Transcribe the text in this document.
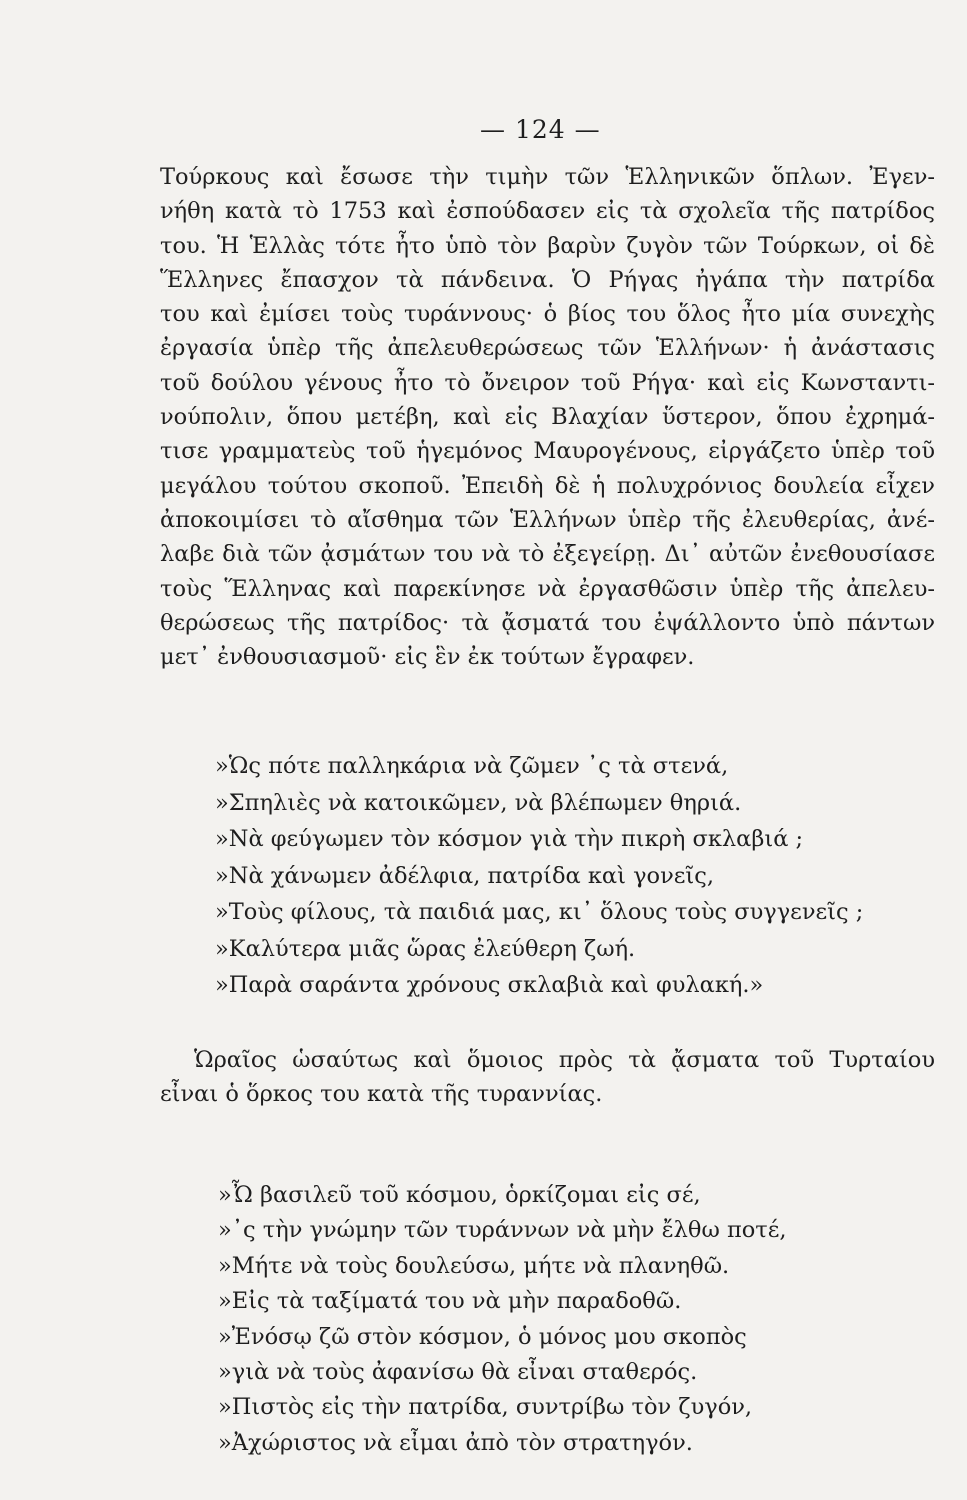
— 124 —
Τούρκους καὶ ἔσωσε τὴν τιμὴν τῶν Ἑλληνικῶν ὅπλων. Ἐγεν-
νήθη κατὰ τὸ 1753 καὶ ἐσπούδασεν εἰς τὰ σχολεῖα τῆς πατρίδος
του. Ἡ Ἑλλὰς τότε ἦτο ὑπὸ τὸν βαρὺν ζυγὸν τῶν Τούρκων, οἱ δὲ
Ἕλληνες ἔπασχον τὰ πάνδεινα. Ὁ Ρήγας ἠγάπα τὴν πατρίδα
του καὶ ἐμίσει τοὺς τυράννους· ὁ βίος του ὅλος ἦτο μία συνεχὴς
ἐργασία ὑπὲρ τῆς ἀπελευθερώσεως τῶν Ἑλλήνων· ἡ ἀνάστασις
τοῦ δούλου γένους ἦτο τὸ ὄνειρον τοῦ Ρήγα· καὶ εἰς Κωνσταντι-
νούπολιν, ὅπου μετέβη, καὶ εἰς Βλαχίαν ὕστερον, ὅπου ἐχρημά-
τισε γραμματεὺς τοῦ ἡγεμόνος Μαυρογένους, εἰργάζετο ὑπὲρ τοῦ
μεγάλου τούτου σκοποῦ. Ἐπειδὴ δὲ ἡ πολυχρόνιος δουλεία εἶχεν
ἀποκοιμίσει τὸ αἴσθημα τῶν Ἑλλήνων ὑπὲρ τῆς ἐλευθερίας, ἀνέ-
λαβε διὰ τῶν ᾀσμάτων του νὰ τὸ ἐξεγείρῃ. Δι᾽ αὐτῶν ἐνεθουσίασε
τοὺς Ἕλληνας καὶ παρεκίνησε νὰ ἐργασθῶσιν ὑπὲρ τῆς ἀπελευ-
θερώσεως τῆς πατρίδος· τὰ ᾄσματά του ἐψάλλοντο ὑπὸ πάντων
μετ᾽ ἐνθουσιασμοῦ· εἰς ἓν ἐκ τούτων ἔγραφεν.
»Ὡς πότε παλληκάρια νὰ ζῶμεν ᾽ς τὰ στενά,
»Σπηλιὲς νὰ κατοικῶμεν, νὰ βλέπωμεν θηριά.
»Νὰ φεύγωμεν τὸν κόσμον γιὰ τὴν πικρὴ σκλαβιά ;
»Νὰ χάνωμεν ἀδέλφια, πατρίδα καὶ γονεῖς,
»Τοὺς φίλους, τὰ παιδιά μας, κι᾽ ὅλους τοὺς συγγενεῖς ;
»Καλύτερα μιᾶς ὥρας ἐλεύθερη ζωή.
»Παρὰ σαράντα χρόνους σκλαβιὰ καὶ φυλακή.»
Ὡραῖος ὡσαύτως καὶ ὅμοιος πρὸς τὰ ᾄσματα τοῦ Τυρταίου
εἶναι ὁ ὅρκος του κατὰ τῆς τυραννίας.
»Ὦ βασιλεῦ τοῦ κόσμου, ὁρκίζομαι εἰς σέ,
»᾽ς τὴν γνώμην τῶν τυράννων νὰ μὴν ἔλθω ποτέ,
»Μήτε νὰ τοὺς δουλεύσω, μήτε νὰ πλανηθῶ.
»Εἰς τὰ ταξίματά του νὰ μὴν παραδοθῶ.
»Ἐνόσῳ ζῶ στὸν κόσμον, ὁ μόνος μου σκοπὸς
»γιὰ νὰ τοὺς ἀφανίσω θὰ εἶναι σταθερός.
»Πιστὸς εἰς τὴν πατρίδα, συντρίβω τὸν ζυγόν,
»Ἀχώριστος νὰ εἶμαι ἀπὸ τὸν στρατηγόν.
